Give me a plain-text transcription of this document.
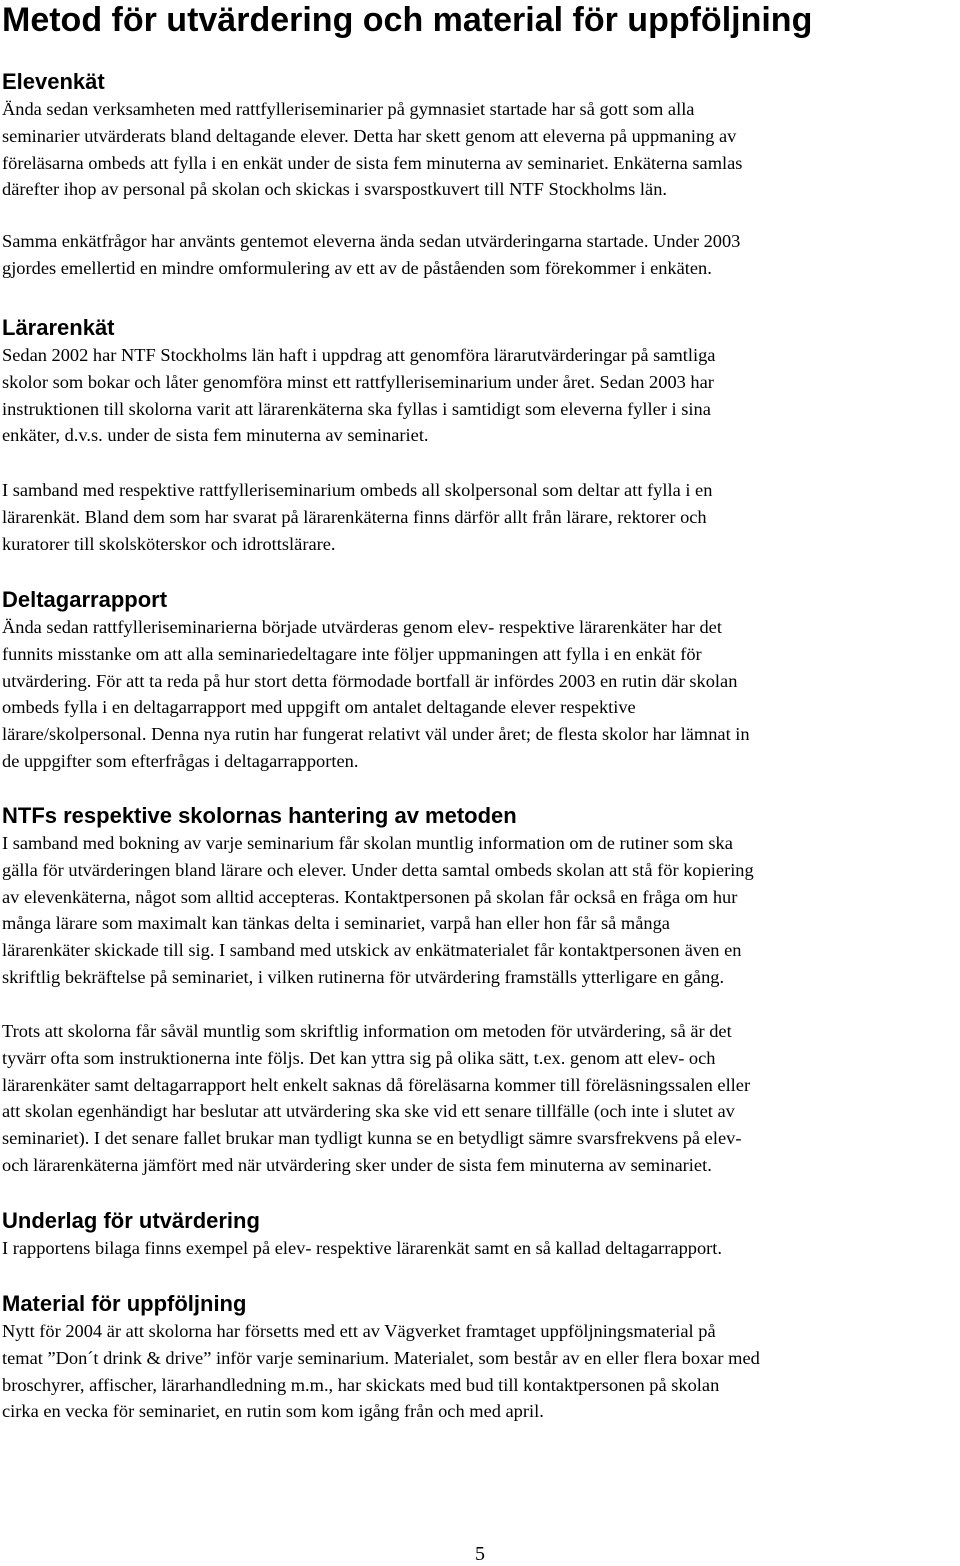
Metod för utvärdering och material för uppföljning
Elevenkät

Ända sedan verksamheten med rattfylleriseminarier på gymnasiet startade har så gott som alla
seminarier utvärderats bland deltagande elever. Detta har skett genom att eleverna på uppmaning av
föreläsarna ombeds att fylla i en enkät under de sista fem minuterna av seminariet. Enkäterna samlas
därefter ihop av personal på skolan och skickas i svarspostkuvert till NTF Stockholms län.

Samma enkätfrågor har använts gentemot eleverna ända sedan utvärderingarna startade. Under 2003
gjordes emellertid en mindre omformulering av ett av de påståenden som förekommer i enkäten.

Lärarenkät

Sedan 2002 har NTF Stockholms län haft i uppdrag att genomföra lärarutvärderingar på samtliga
skolor som bokar och låter genomföra minst ett rattfylleriseminarium under året. Sedan 2003 har
instruktionen till skolorna varit att lärarenkäterna ska fyllas i samtidigt som eleverna fyller i sina
enkäter, d.v.s. under de sista fem minuterna av seminariet.

I samband med respektive rattfylleriseminarium ombeds all skolpersonal som deltar att fylla i en
lärarenkät. Bland dem som har svarat på lärarenkäterna finns därför allt från lärare, rektorer och
kuratorer till skolsköterskor och idrottslärare.

Deltagarrapport

Ända sedan rattfylleriseminarierna började utvärderas genom elev- respektive lärarenkäter har det
funnits misstanke om att alla seminariedeltagare inte följer uppmaningen att fylla i en enkät för
utvärdering. För att ta reda på hur stort detta förmodade bortfall är infördes 2003 en rutin där skolan
ombeds fylla i en deltagarrapport med uppgift om antalet deltagande elever respektive
lärare/skolpersonal. Denna nya rutin har fungerat relativt väl under året; de flesta skolor har lämnat in
de uppgifter som efterfrågas i deltagarrapporten.

NTFs respektive skolornas hantering av metoden

I samband med bokning av varje seminarium får skolan muntlig information om de rutiner som ska
gälla för utvärderingen bland lärare och elever. Under detta samtal ombeds skolan att stå för kopiering
av elevenkäterna, något som alltid accepteras. Kontaktpersonen på skolan får också en fråga om hur
många lärare som maximalt kan tänkas delta i seminariet, varpå han eller hon får så många
lärarenkäter skickade till sig. I samband med utskick av enkätmaterialet får kontaktpersonen även en
skriftlig bekräftelse på seminariet, i vilken rutinerna för utvärdering framställs ytterligare en gång.

Trots att skolorna får såväl muntlig som skriftlig information om metoden för utvärdering, så är det
tyvärr ofta som instruktionerna inte följs. Det kan yttra sig på olika sätt, t.ex. genom att elev- och
lärarenkäter samt deltagarrapport helt enkelt saknas då föreläsarna kommer till föreläsningssalen eller
att skolan egenhändigt har beslutar att utvärdering ska ske vid ett senare tillfälle (och inte i slutet av
seminariet). I det senare fallet brukar man tydligt kunna se en betydligt sämre svarsfrekvens på elev-
och lärarenkäterna jämfört med när utvärdering sker under de sista fem minuterna av seminariet.

Underlag för utvärdering

I rapportens bilaga finns exempel på elev- respektive lärarenkät samt en så kallad deltagarrapport.

Material för uppföljning

Nytt för 2004 är att skolorna har försetts med ett av Vägverket framtaget uppföljningsmaterial på
temat ”Don´t drink & drive” inför varje seminarium. Materialet, som består av en eller flera boxar med
broschyrer, affischer, lärarhandledning m.m., har skickats med bud till kontaktpersonen på skolan
cirka en vecka för seminariet, en rutin som kom igång från och med april.

5
